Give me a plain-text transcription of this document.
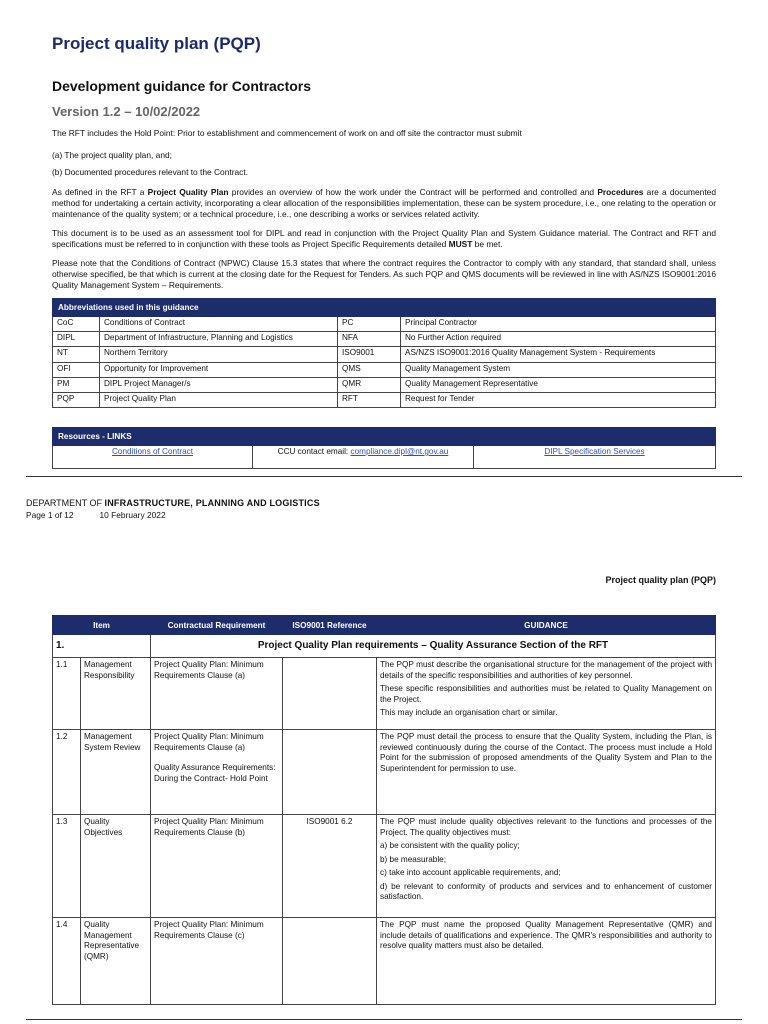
Project quality plan (PQP)
Development guidance for Contractors
Version 1.2 – 10/02/2022
The RFT includes the Hold Point: Prior to establishment and commencement of work on and off site the contractor must submit
(a) The project quality plan, and;
(b) Documented procedures relevant to the Contract.
As defined in the RFT a Project Quality Plan provides an overview of how the work under the Contract will be performed and controlled and Procedures are a documented method for undertaking a certain activity, incorporating a clear allocation of the responsibilities implementation, these can be system procedure, i.e., one relating to the operation or maintenance of the quality system; or a technical procedure, i.e., one describing a works or services related activity.
This document is to be used as an assessment tool for DIPL and read in conjunction with the Project Quality Plan and System Guidance material. The Contract and RFT and specifications must be referred to in conjunction with these tools as Project Specific Requirements detailed MUST be met.
Please note that the Conditions of Contract (NPWC) Clause 15.3 states that where the contract requires the Contractor to comply with any standard, that standard shall, unless otherwise specified, be that which is current at the closing date for the Request for Tenders. As such PQP and QMS documents will be reviewed in line with AS/NZS ISO9001:2016 Quality Management System – Requirements.
Abbreviations used in this guidance			
CoC	Conditions of Contract	PC	Principal Contractor
DIPL	Department of Infrastructure, Planning and Logistics	NFA	No Further Action required
NT	Northern Territory	ISO9001	AS/NZS ISO9001:2016 Quality Management System - Requirements
OFI	Opportunity for Improvement	QMS	Quality Management System
PM	DIPL Project Manager/s	QMR	Quality Management Representative
PQP	Project Quality Plan	RFT	Request for Tender
Resources - LINKS
Conditions of Contract	CCU contact email: compliance.dipl@nt.gov.au	DIPL Specification Services
DEPARTMENT OF INFRASTRUCTURE, PLANNING AND LOGISTICS
Page 1 of 12	10 February 2022
Project quality plan (PQP)
Item		Contractual Requirement	ISO9001 Reference	GUIDANCE
1.		Project Quality Plan requirements – Quality Assurance Section of the RFT		
1.1	Management Responsibility	Project Quality Plan: Minimum Requirements Clause (a)		The PQP must describe the organisational structure for the management of the project with details of the specific responsibilities and authorities of key personnel.

These specific responsibilities and authorities must be related to Quality Management on the Project.

This may include an organisation chart or similar.

1.2	Management System Review	Project Quality Plan: Minimum Requirements Clause (a)
Quality Assurance Requirements: During the Contract- Hold Point		The PQP must detail the process to ensure that the Quality System, including the Plan, is reviewed continuously during the course of the Contact. The process must include a Hold Point for the submission of proposed amendments of the Quality System and Plan to the Superintendent for permission to use.

1.3	Quality Objectives	Project Quality Plan: Minimum Requirements Clause (b)	ISO9001 6.2	The PQP must include quality objectives relevant to the functions and processes of the Project. The quality objectives must:

a) be consistent with the quality policy;

b) be measurable;

c) take into account applicable requirements, and;

d) be relevant to conformity of products and services and to enhancement of customer satisfaction.

1.4	Quality Management Representative (QMR)	Project Quality Plan: Minimum Requirements Clause (c)		The PQP must name the proposed Quality Management Representative (QMR) and include details of qualifications and experience. The QMR's responsibilities and authority to resolve quality matters must also be detailed.
